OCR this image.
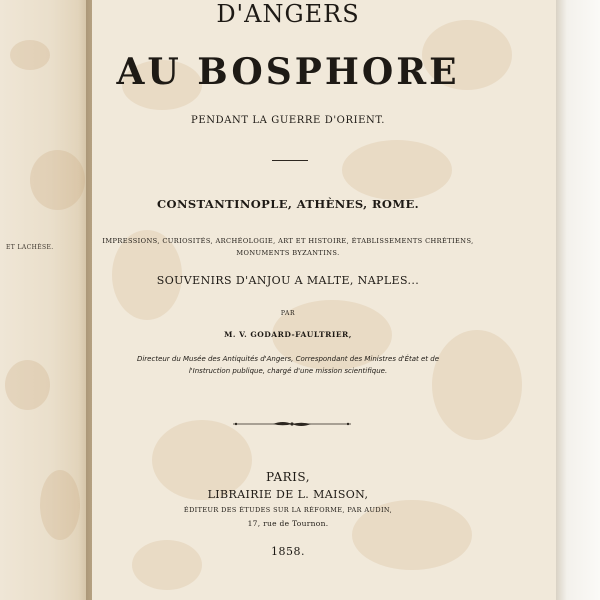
ET LACHÈSE.
D'ANGERS
AU BOSPHORE
PENDANT LA GUERRE D'ORIENT.
CONSTANTINOPLE, ATHÈNES, ROME.
IMPRESSIONS, CURIOSITÉS, ARCHÉOLOGIE, ART ET HISTOIRE, ÉTABLISSEMENTS CHRÉTIENS,
MONUMENTS BYZANTINS.
SOUVENIRS D'ANJOU A MALTE, NAPLES...
PAR
M. V. GODARD-FAULTRIER,
Directeur du Musée des Antiquités d'Angers, Correspondant des Ministres d'État et de
l'Instruction publique, chargé d'une mission scientifique.
PARIS,
LIBRAIRIE DE L. MAISON,
ÉDITEUR DES ÉTUDES SUR LA RÉFORME, PAR AUDIN,
17, rue de Tournon.
1858.
